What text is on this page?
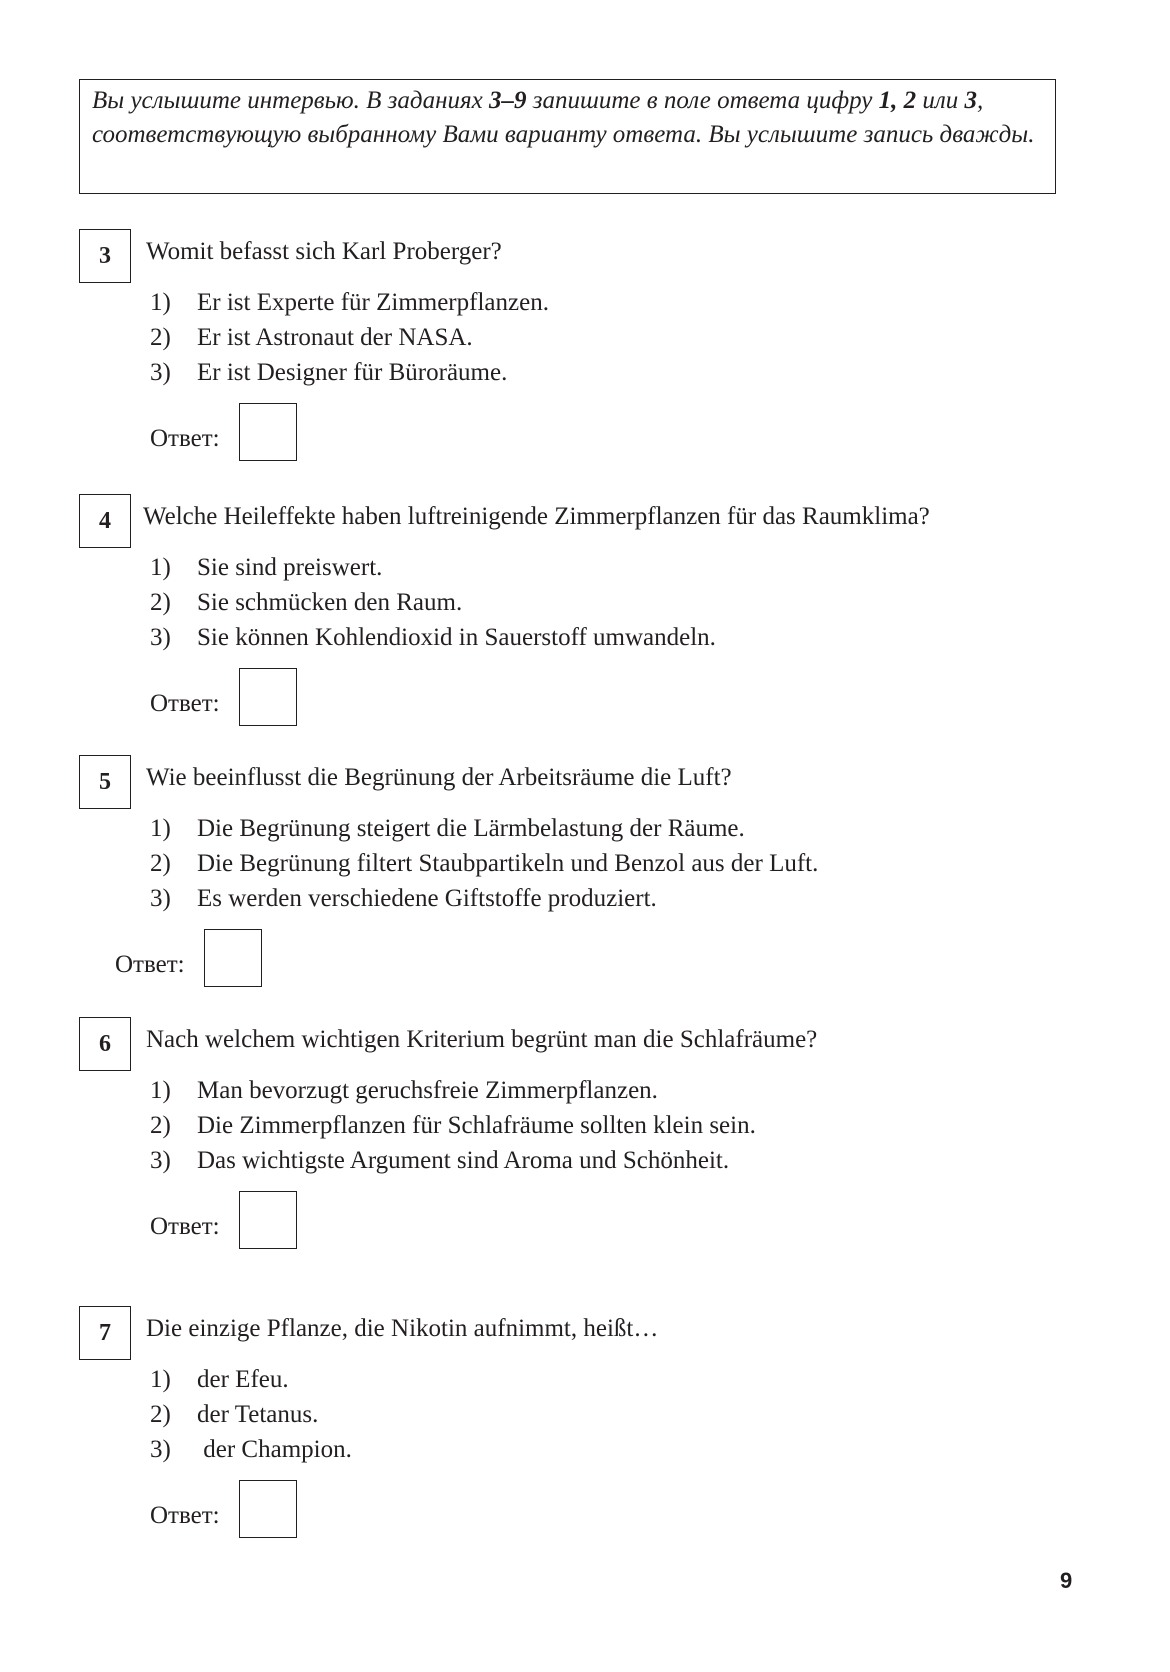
Вы услышите интервью. В заданиях 3–9 запишите в поле ответа цифру 1, 2 или 3, соответствующую выбранному Вами варианту ответа. Вы услышите запись дважды.
3	Womit befasst sich Karl Proberger?
1) Er ist Experte für Zimmerpflanzen.
2) Er ist Astronaut der NASA.
3) Er ist Designer für Büroräume.
Ответ:
4	Welche Heileffekte haben luftreinigende Zimmerpflanzen für das Raumklima?
1) Sie sind preiswert.
2) Sie schmücken den Raum.
3) Sie können Kohlendioxid in Sauerstoff umwandeln.
Ответ:
5	Wie beeinflusst die Begrünung der Arbeitsräume die Luft?
1) Die Begrünung steigert die Lärmbelastung der Räume.
2) Die Begrünung filtert Staubpartikeln und Benzol aus der Luft.
3) Es werden verschiedene Giftstoffe produziert.
Ответ:
6	Nach welchem wichtigen Kriterium begrünt man die Schlafräume?
1) Man bevorzugt geruchsfreie Zimmerpflanzen.
2) Die Zimmerpflanzen für Schlafräume sollten klein sein.
3) Das wichtigste Argument sind Aroma und Schönheit.
Ответ:
7	Die einzige Pflanze, die Nikotin aufnimmt, heißt…
1) der Efeu.
2) der Tetanus.
3) der Champion.
Ответ:
9
